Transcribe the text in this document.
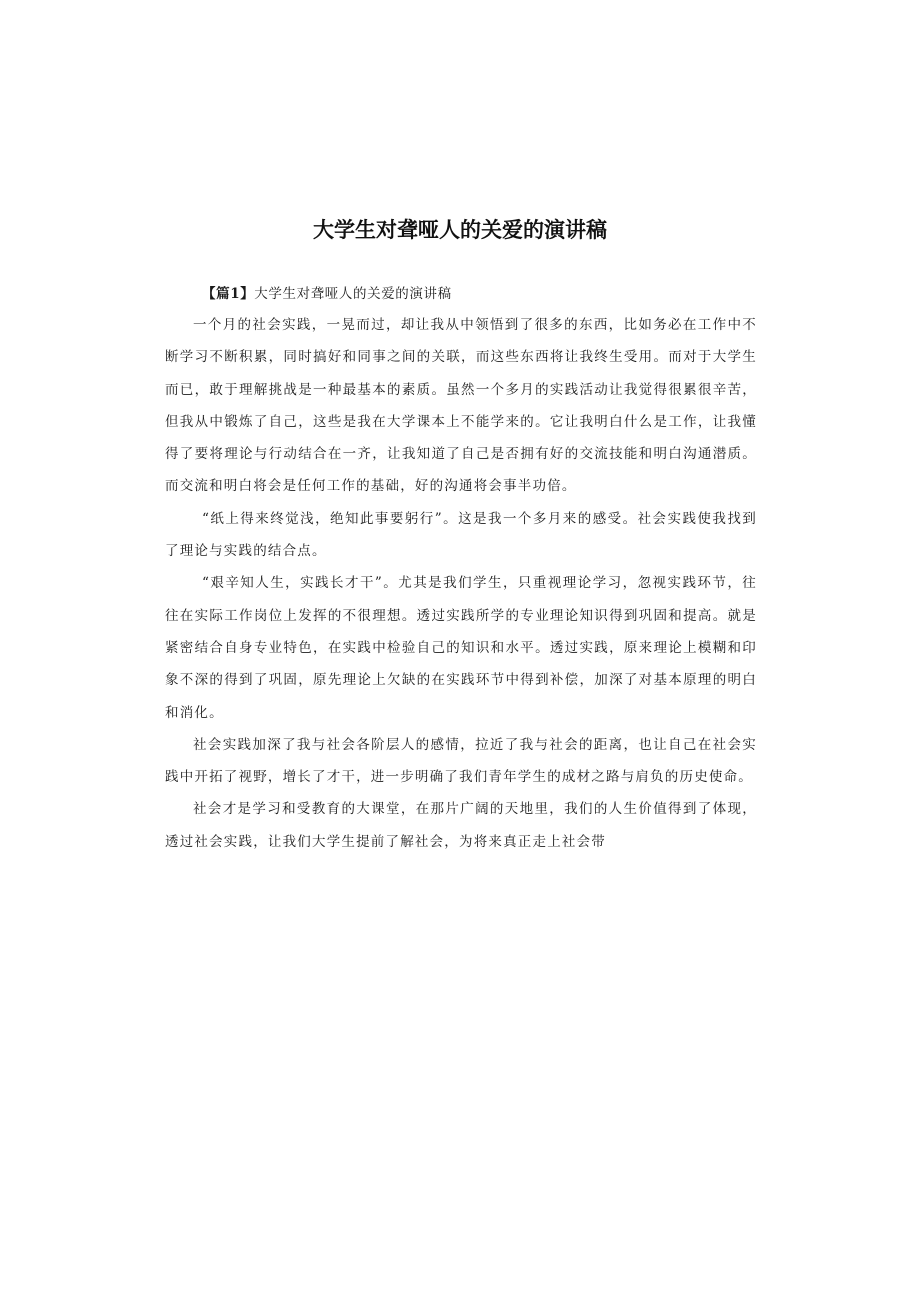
大学生对聋哑人的关爱的演讲稿

【篇1】大学生对聋哑人的关爱的演讲稿

一个月的社会实践，一晃而过，却让我从中领悟到了很多的东西，比如务必在工作中不断学习不断积累，同时搞好和同事之间的关联，而这些东西将让我终生受用。而对于大学生而已，敢于理解挑战是一种最基本的素质。虽然一个多月的实践活动让我觉得很累很辛苦，但我从中锻炼了自己，这些是我在大学课本上不能学来的。它让我明白什么是工作，让我懂得了要将理论与行动结合在一齐，让我知道了自己是否拥有好的交流技能和明白沟通潜质。而交流和明白将会是任何工作的基础，好的沟通将会事半功倍。

“纸上得来终觉浅，绝知此事要躬行”。这是我一个多月来的感受。社会实践使我找到了理论与实践的结合点。

“艰辛知人生，实践长才干”。尤其是我们学生，只重视理论学习，忽视实践环节，往往在实际工作岗位上发挥的不很理想。透过实践所学的专业理论知识得到巩固和提高。就是紧密结合自身专业特色，在实践中检验自己的知识和水平。透过实践，原来理论上模糊和印象不深的得到了巩固，原先理论上欠缺的在实践环节中得到补偿，加深了对基本原理的明白和消化。

社会实践加深了我与社会各阶层人的感情，拉近了我与社会的距离，也让自己在社会实践中开拓了视野，增长了才干，进一步明确了我们青年学生的成材之路与肩负的历史使命。

社会才是学习和受教育的大课堂，在那片广阔的天地里，我们的人生价值得到了体现，透过社会实践，让我们大学生提前了解社会，为将来真正走上社会带
